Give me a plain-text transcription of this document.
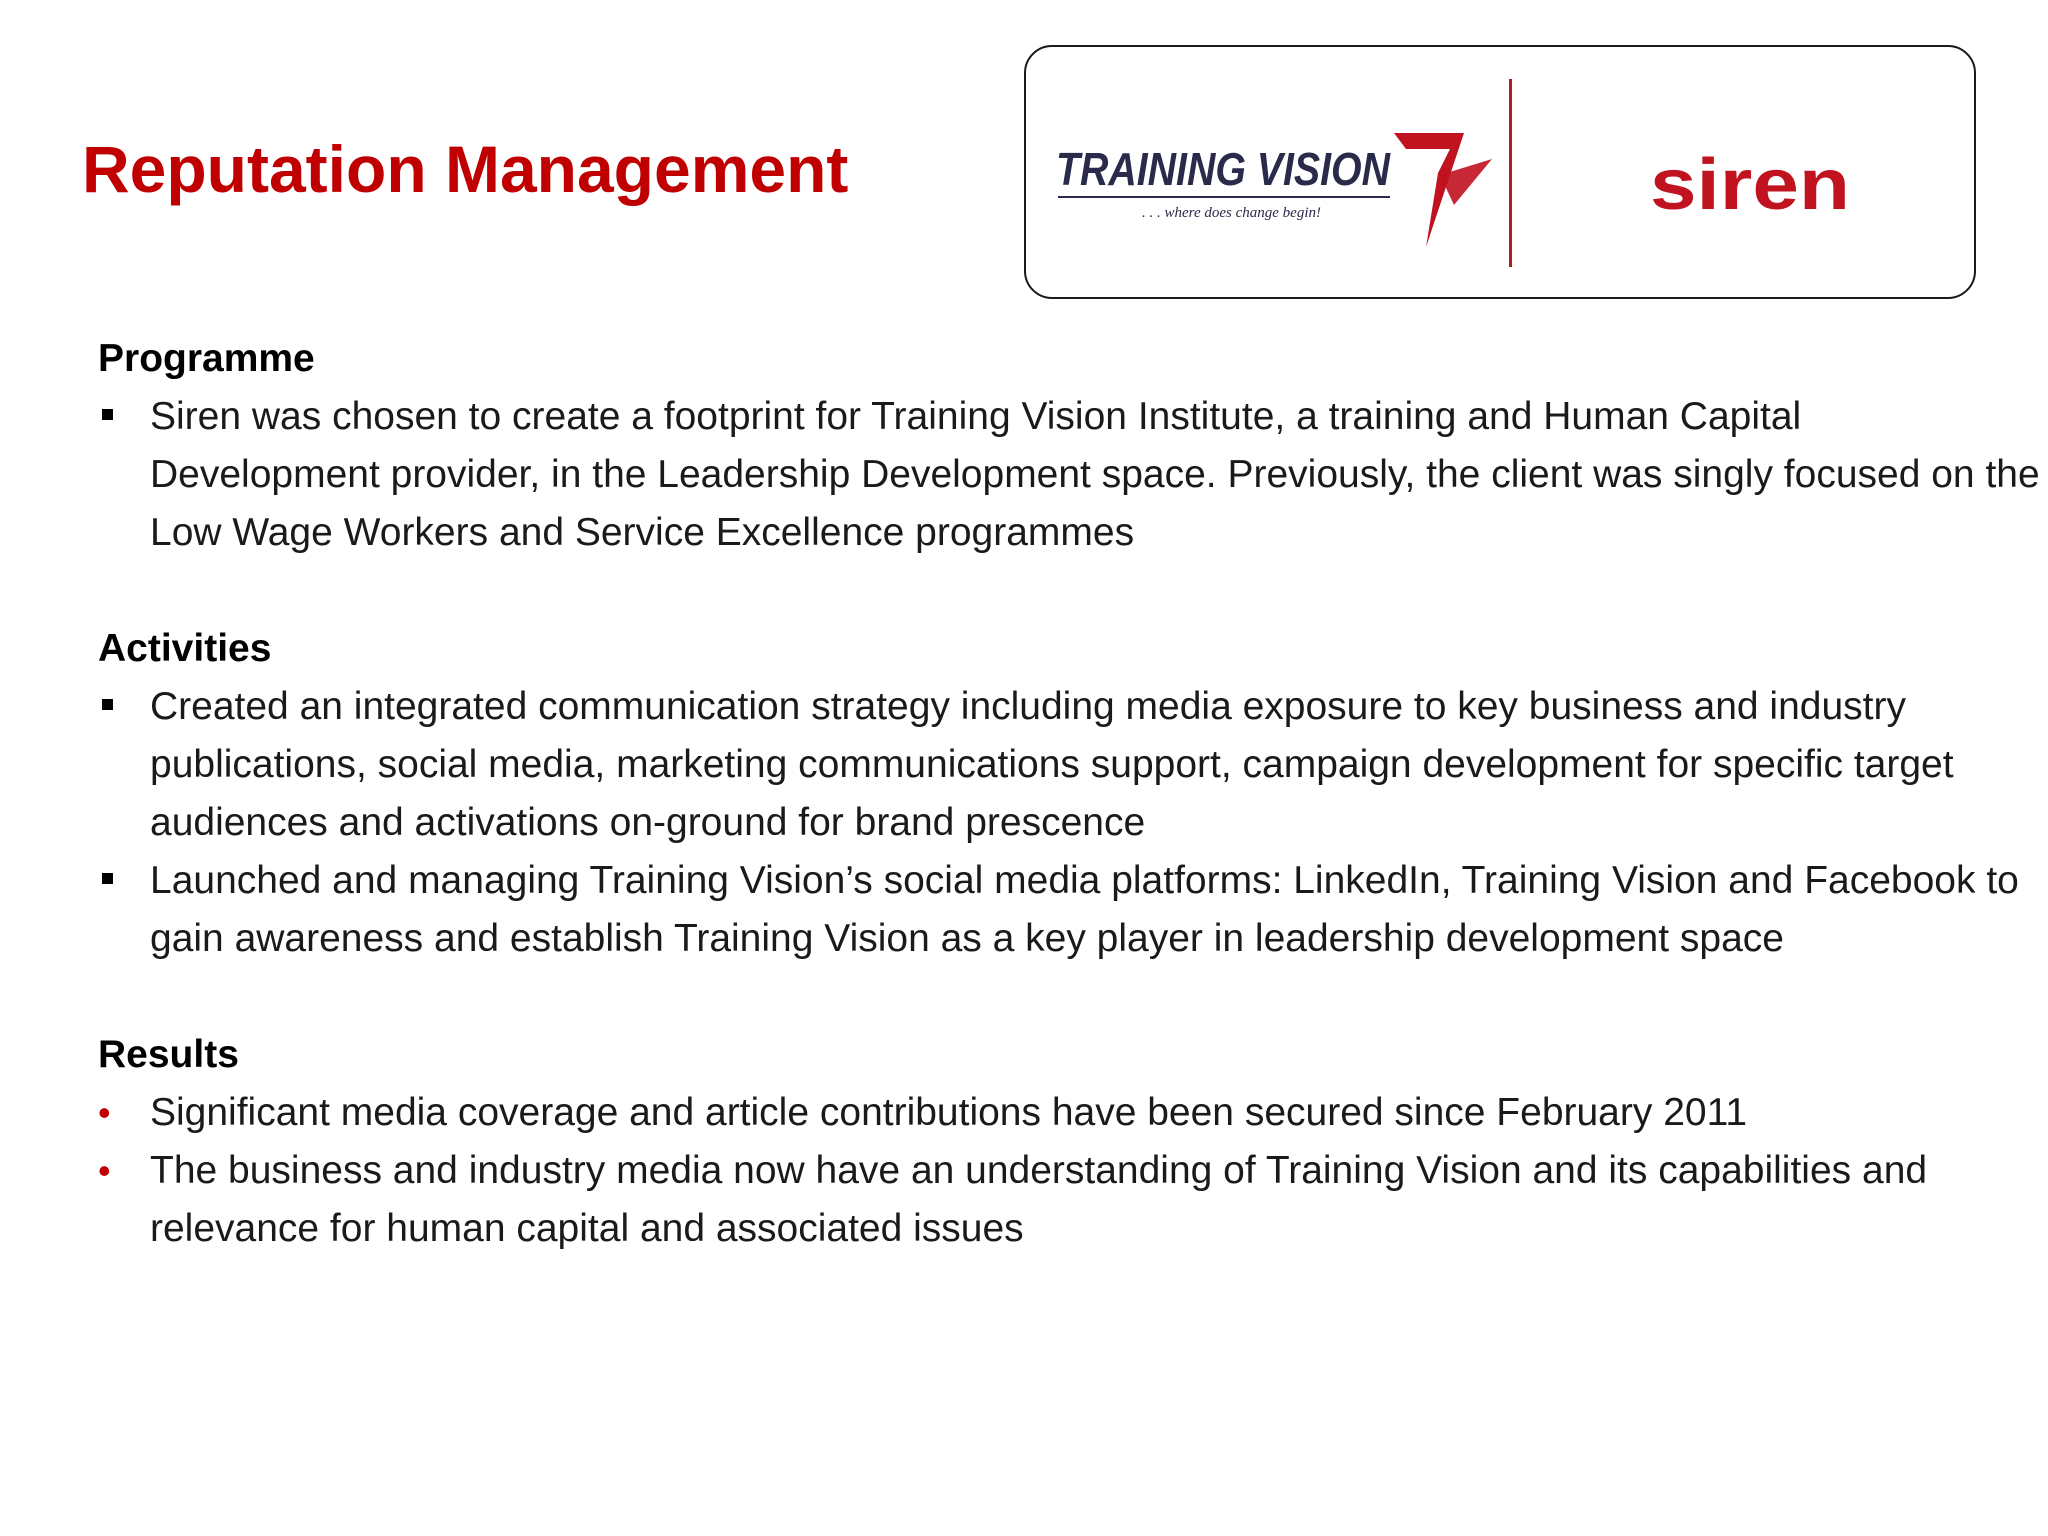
Reputation Management	TRAINING VISION
. . . where does change begin!	siren
Programme
Siren was chosen to create a footprint for Training Vision Institute, a training and Human Capital Development provider, in the Leadership Development space. Previously, the client was singly focused on the Low Wage Workers and Service Excellence programmes
Activities
Created an integrated communication strategy including media exposure to key business and industry publications, social media, marketing communications support, campaign development for specific target audiences and activations on-ground for brand prescence
Launched and managing Training Vision’s social media platforms: LinkedIn, Training Vision and Facebook to gain awareness and establish Training Vision as a key player in leadership development space
Results
• Significant media coverage and article contributions have been secured since February 2011
• The business and industry media now have an understanding of Training Vision and its capabilities and relevance for human capital and associated issues
